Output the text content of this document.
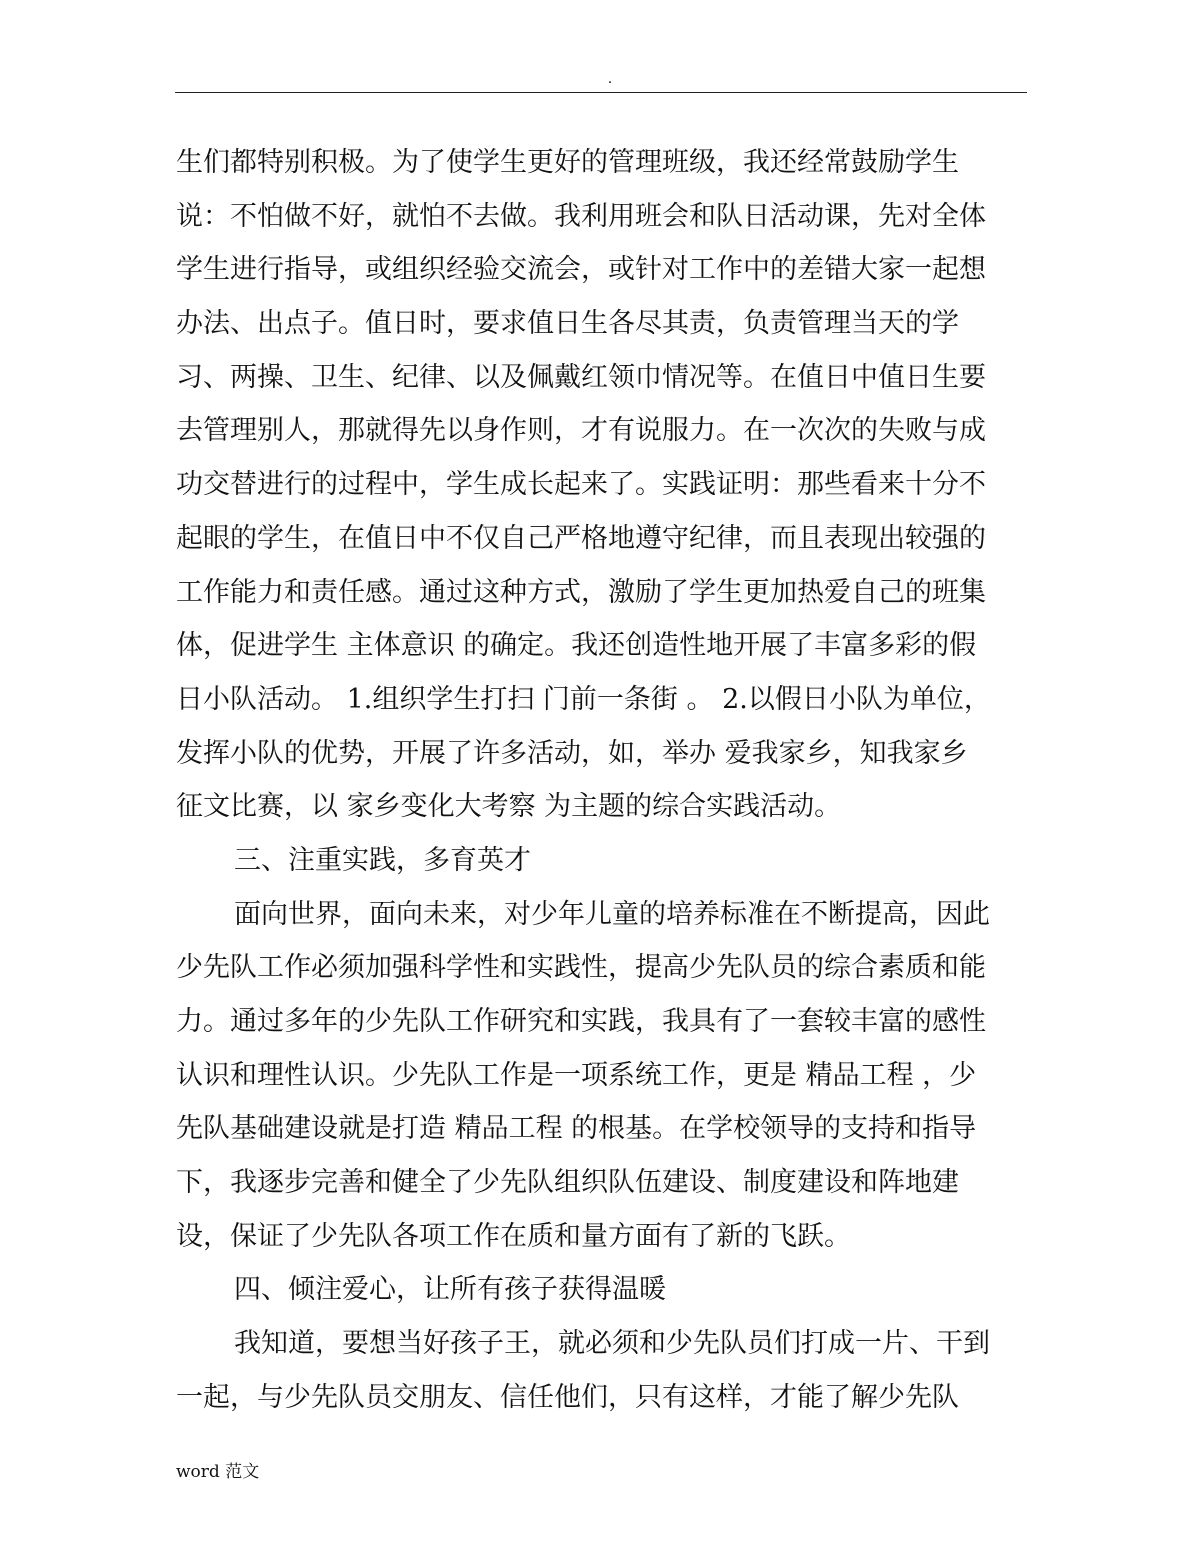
.
生们都特别积极。为了使学生更好的管理班级，我还经常鼓励学生
说：不怕做不好，就怕不去做。我利用班会和队日活动课，先对全体
学生进行指导，或组织经验交流会，或针对工作中的差错大家一起想
办法、出点子。值日时，要求值日生各尽其责，负责管理当天的学
习、两操、卫生、纪律、以及佩戴红领巾情况等。在值日中值日生要
去管理别人，那就得先以身作则，才有说服力。在一次次的失败与成
功交替进行的过程中，学生成长起来了。实践证明：那些看来十分不
起眼的学生，在值日中不仅自己严格地遵守纪律，而且表现出较强的
工作能力和责任感。通过这种方式，激励了学生更加热爱自己的班集
体，促进学生 主体意识 的确定。我还创造性地开展了丰富多彩的假
日小队活动。 1.组织学生打扫 门前一条街 。 2.以假日小队为单位，
发挥小队的优势，开展了许多活动，如，举办 爱我家乡，知我家乡
征文比赛，以 家乡变化大考察 为主题的综合实践活动。
三、注重实践，多育英才
面向世界，面向未来，对少年儿童的培养标准在不断提高，因此
少先队工作必须加强科学性和实践性，提高少先队员的综合素质和能
力。通过多年的少先队工作研究和实践，我具有了一套较丰富的感性
认识和理性认识。少先队工作是一项系统工作，更是 精品工程 ，少
先队基础建设就是打造 精品工程 的根基。在学校领导的支持和指导
下，我逐步完善和健全了少先队组织队伍建设、制度建设和阵地建
设，保证了少先队各项工作在质和量方面有了新的飞跃。
四、倾注爱心，让所有孩子获得温暖
我知道，要想当好孩子王，就必须和少先队员们打成一片、干到
一起，与少先队员交朋友、信任他们，只有这样，才能了解少先队
word 范文
